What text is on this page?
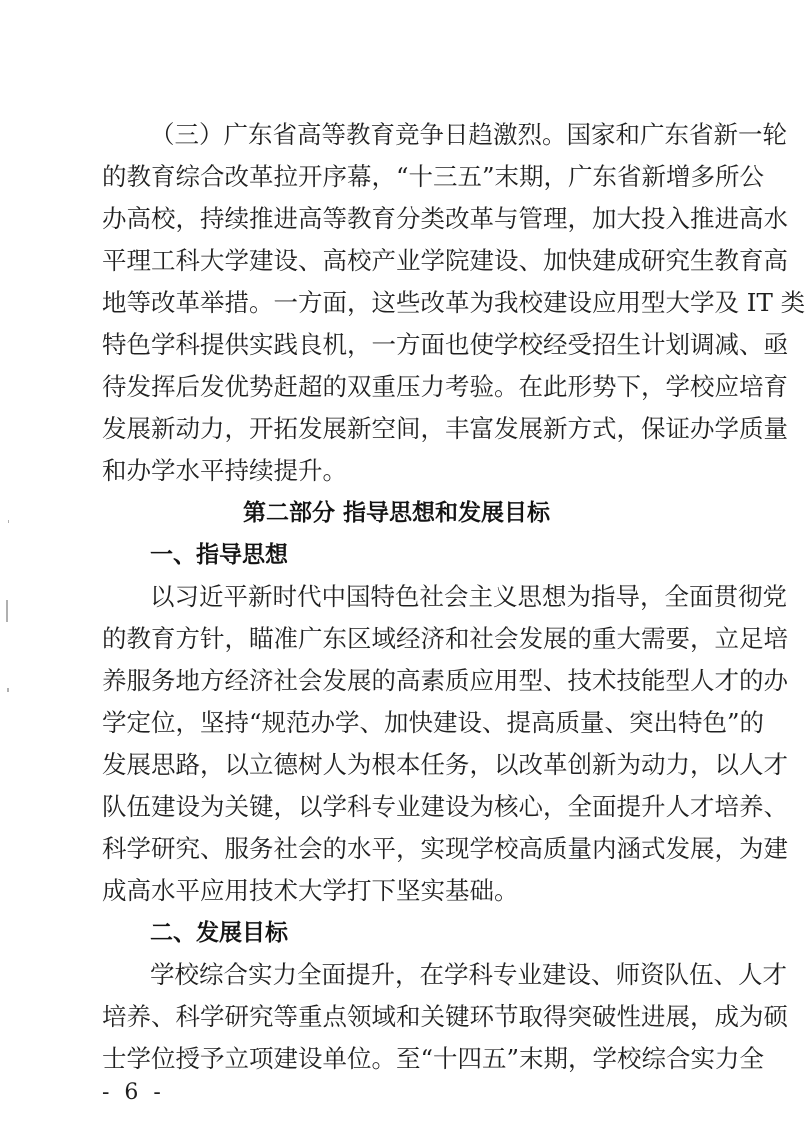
（三）广东省高等教育竞争日趋激烈。国家和广东省新一轮
的教育综合改革拉开序幕，“十三五”末期，广东省新增多所公
办高校，持续推进高等教育分类改革与管理，加大投入推进高水
平理工科大学建设、高校产业学院建设、加快建成研究生教育高
地等改革举措。一方面，这些改革为我校建设应用型大学及 IT 类
特色学科提供实践良机，一方面也使学校经受招生计划调减、亟
待发挥后发优势赶超的双重压力考验。在此形势下，学校应培育
发展新动力，开拓发展新空间，丰富发展新方式，保证办学质量
和办学水平持续提升。
第二部分 指导思想和发展目标
一、指导思想
以习近平新时代中国特色社会主义思想为指导，全面贯彻党
的教育方针，瞄准广东区域经济和社会发展的重大需要，立足培
养服务地方经济社会发展的高素质应用型、技术技能型人才的办
学定位，坚持“规范办学、加快建设、提高质量、突出特色”的
发展思路，以立德树人为根本任务，以改革创新为动力，以人才
队伍建设为关键，以学科专业建设为核心，全面提升人才培养、
科学研究、服务社会的水平，实现学校高质量内涵式发展，为建
成高水平应用技术大学打下坚实基础。
二、发展目标
学校综合实力全面提升，在学科专业建设、师资队伍、人才
培养、科学研究等重点领域和关键环节取得突破性进展，成为硕
士学位授予立项建设单位。至“十四五”末期，学校综合实力全
- 6 -
